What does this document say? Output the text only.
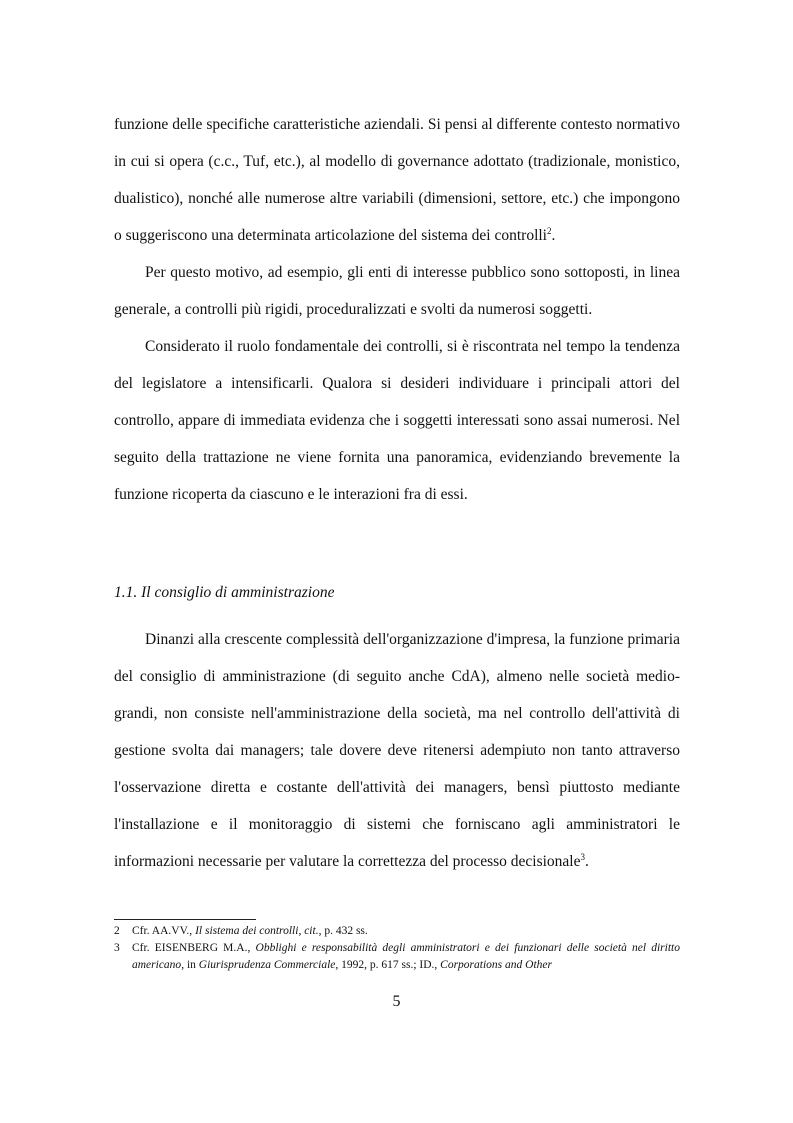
funzione delle specifiche caratteristiche aziendali. Si pensi al differente contesto normativo in cui si opera (c.c., Tuf, etc.), al modello di governance adottato (tradizionale, monistico, dualistico), nonché alle numerose altre variabili (dimensioni, settore, etc.) che impongono o suggeriscono una determinata articolazione del sistema dei controlli$^2$.

Per questo motivo, ad esempio, gli enti di interesse pubblico sono sottoposti, in linea generale, a controlli più rigidi, proceduralizzati e svolti da numerosi soggetti.

Considerato il ruolo fondamentale dei controlli, si è riscontrata nel tempo la tendenza del legislatore a intensificarli. Qualora si desideri individuare i principali attori del controllo, appare di immediata evidenza che i soggetti interessati sono assai numerosi. Nel seguito della trattazione ne viene fornita una panoramica, evidenziando brevemente la funzione ricoperta da ciascuno e le interazioni fra di essi.

1.1. Il consiglio di amministrazione

Dinanzi alla crescente complessità dell'organizzazione d'impresa, la funzione primaria del consiglio di amministrazione (di seguito anche CdA), almeno nelle società medio-grandi, non consiste nell'amministrazione della società, ma nel controllo dell'attività di gestione svolta dai managers; tale dovere deve ritenersi adempiuto non tanto attraverso l'osservazione diretta e costante dell'attività dei managers, bensì piuttosto mediante l'installazione e il monitoraggio di sistemi che forniscano agli amministratori le informazioni necessarie per valutare la correttezza del processo decisionale$^3$.

2	Cfr. AA.VV., Il sistema dei controlli, cit., p. 432 ss.

3	Cfr. EISENBERG M.A., Obblighi e responsabilità degli amministratori e dei funzionari delle società nel diritto americano, in Giurisprudenza Commerciale, 1992, p. 617 ss.; ID., Corporations and Other

5
